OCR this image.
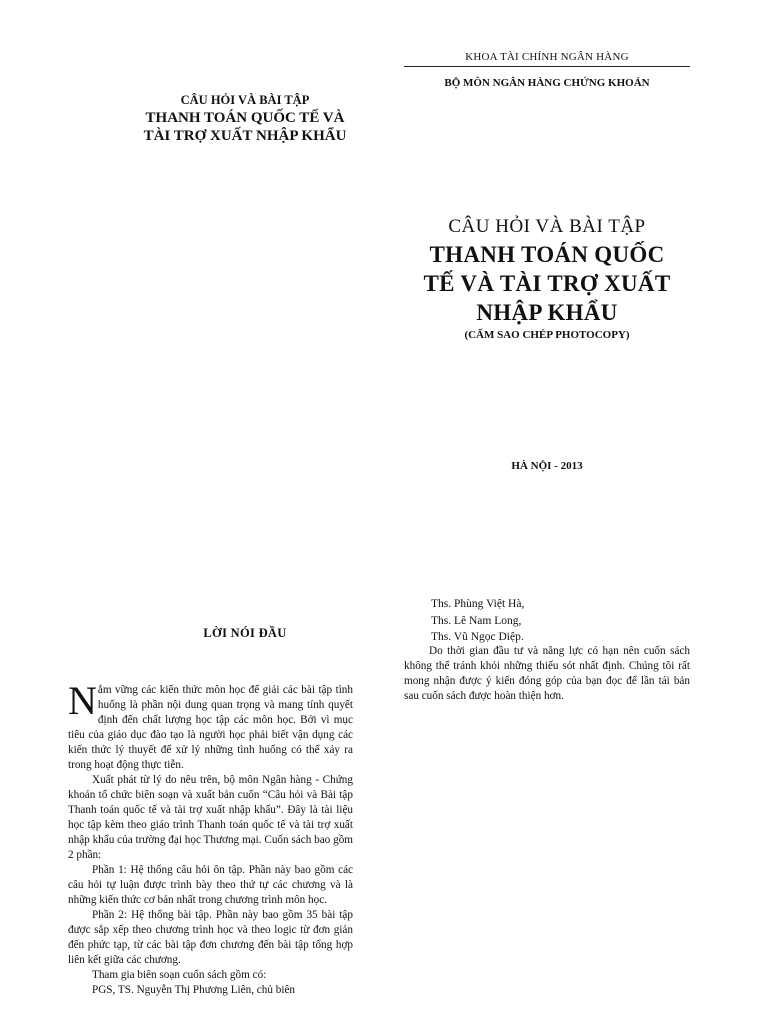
KHOA TÀI CHÍNH NGÂN HÀNG
BỘ MÔN NGÂN HÀNG CHỨNG KHOÁN
CÂU HỎI VÀ BÀI TẬP
THANH TOÁN QUỐC TẾ VÀ
TÀI TRỢ XUẤT NHẬP KHẨU
CÂU HỎI VÀ BÀI TẬP
THANH TOÁN QUỐC
TẾ VÀ TÀI TRỢ XUẤT
NHẬP KHẨU
(CẤM SAO CHÉP PHOTOCOPY)
HÀ NỘI - 2013
Ths. Phùng Việt Hà,
Ths. Lê Nam Long,
Ths. Vũ Ngọc Diệp.
Do thời gian đầu tư và năng lực có hạn nên cuốn sách không thể tránh khỏi những thiếu sót nhất định. Chúng tôi rất mong nhận được ý kiến đóng góp của bạn đọc để lần tái bản sau cuốn sách được hoàn thiện hơn.
LỜI NÓI ĐẦU

Nắm vững các kiến thức môn học để giải các bài tập tình huống là phần nội dung quan trọng và mang tính quyết định đến chất lượng học tập các môn học. Bởi vì mục tiêu của giáo dục đào tạo là người học phải biết vận dụng các kiến thức lý thuyết để xử lý những tình huống có thể xảy ra trong hoạt động thực tiễn.

Xuất phát từ lý do nêu trên, bộ môn Ngân hàng - Chứng khoán tổ chức biên soạn và xuất bản cuốn “Câu hỏi và Bài tập Thanh toán quốc tế và tài trợ xuất nhập khẩu”. Đây là tài liệu học tập kèm theo giáo trình Thanh toán quốc tế và tài trợ xuất nhập khẩu của trường đại học Thương mại. Cuốn sách bao gồm 2 phần:

Phần 1: Hệ thống câu hỏi ôn tập. Phần này bao gồm các câu hỏi tự luận được trình bày theo thứ tự các chương và là những kiến thức cơ bản nhất trong chương trình môn học.

Phần 2: Hệ thống bài tập. Phần này bao gồm 35 bài tập được sắp xếp theo chương trình học và theo logic từ đơn giản đến phức tạp, từ các bài tập đơn chương đến bài tập tổng hợp liên kết giữa các chương.

Tham gia biên soạn cuốn sách gồm có:

PGS, TS. Nguyễn Thị Phương Liên, chủ biên
